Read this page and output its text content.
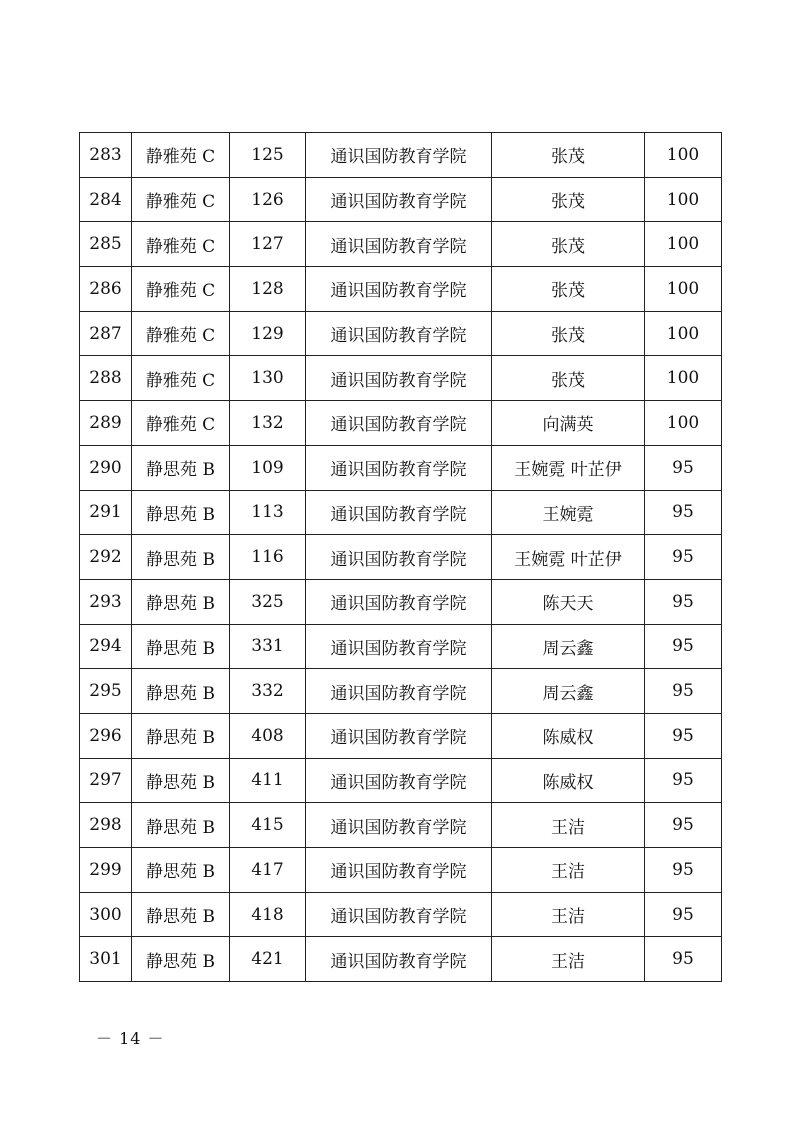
283	静雅苑 C	125	通识国防教育学院	张茂	100
284	静雅苑 C	126	通识国防教育学院	张茂	100
285	静雅苑 C	127	通识国防教育学院	张茂	100
286	静雅苑 C	128	通识国防教育学院	张茂	100
287	静雅苑 C	129	通识国防教育学院	张茂	100
288	静雅苑 C	130	通识国防教育学院	张茂	100
289	静雅苑 C	132	通识国防教育学院	向满英	100
290	静思苑 B	109	通识国防教育学院	王婉霓 叶芷伊	95
291	静思苑 B	113	通识国防教育学院	王婉霓	95
292	静思苑 B	116	通识国防教育学院	王婉霓 叶芷伊	95
293	静思苑 B	325	通识国防教育学院	陈天天	95
294	静思苑 B	331	通识国防教育学院	周云鑫	95
295	静思苑 B	332	通识国防教育学院	周云鑫	95
296	静思苑 B	408	通识国防教育学院	陈威权	95
297	静思苑 B	411	通识国防教育学院	陈威权	95
298	静思苑 B	415	通识国防教育学院	王洁	95
299	静思苑 B	417	通识国防教育学院	王洁	95
300	静思苑 B	418	通识国防教育学院	王洁	95
301	静思苑 B	421	通识国防教育学院	王洁	95
－ 14 －
